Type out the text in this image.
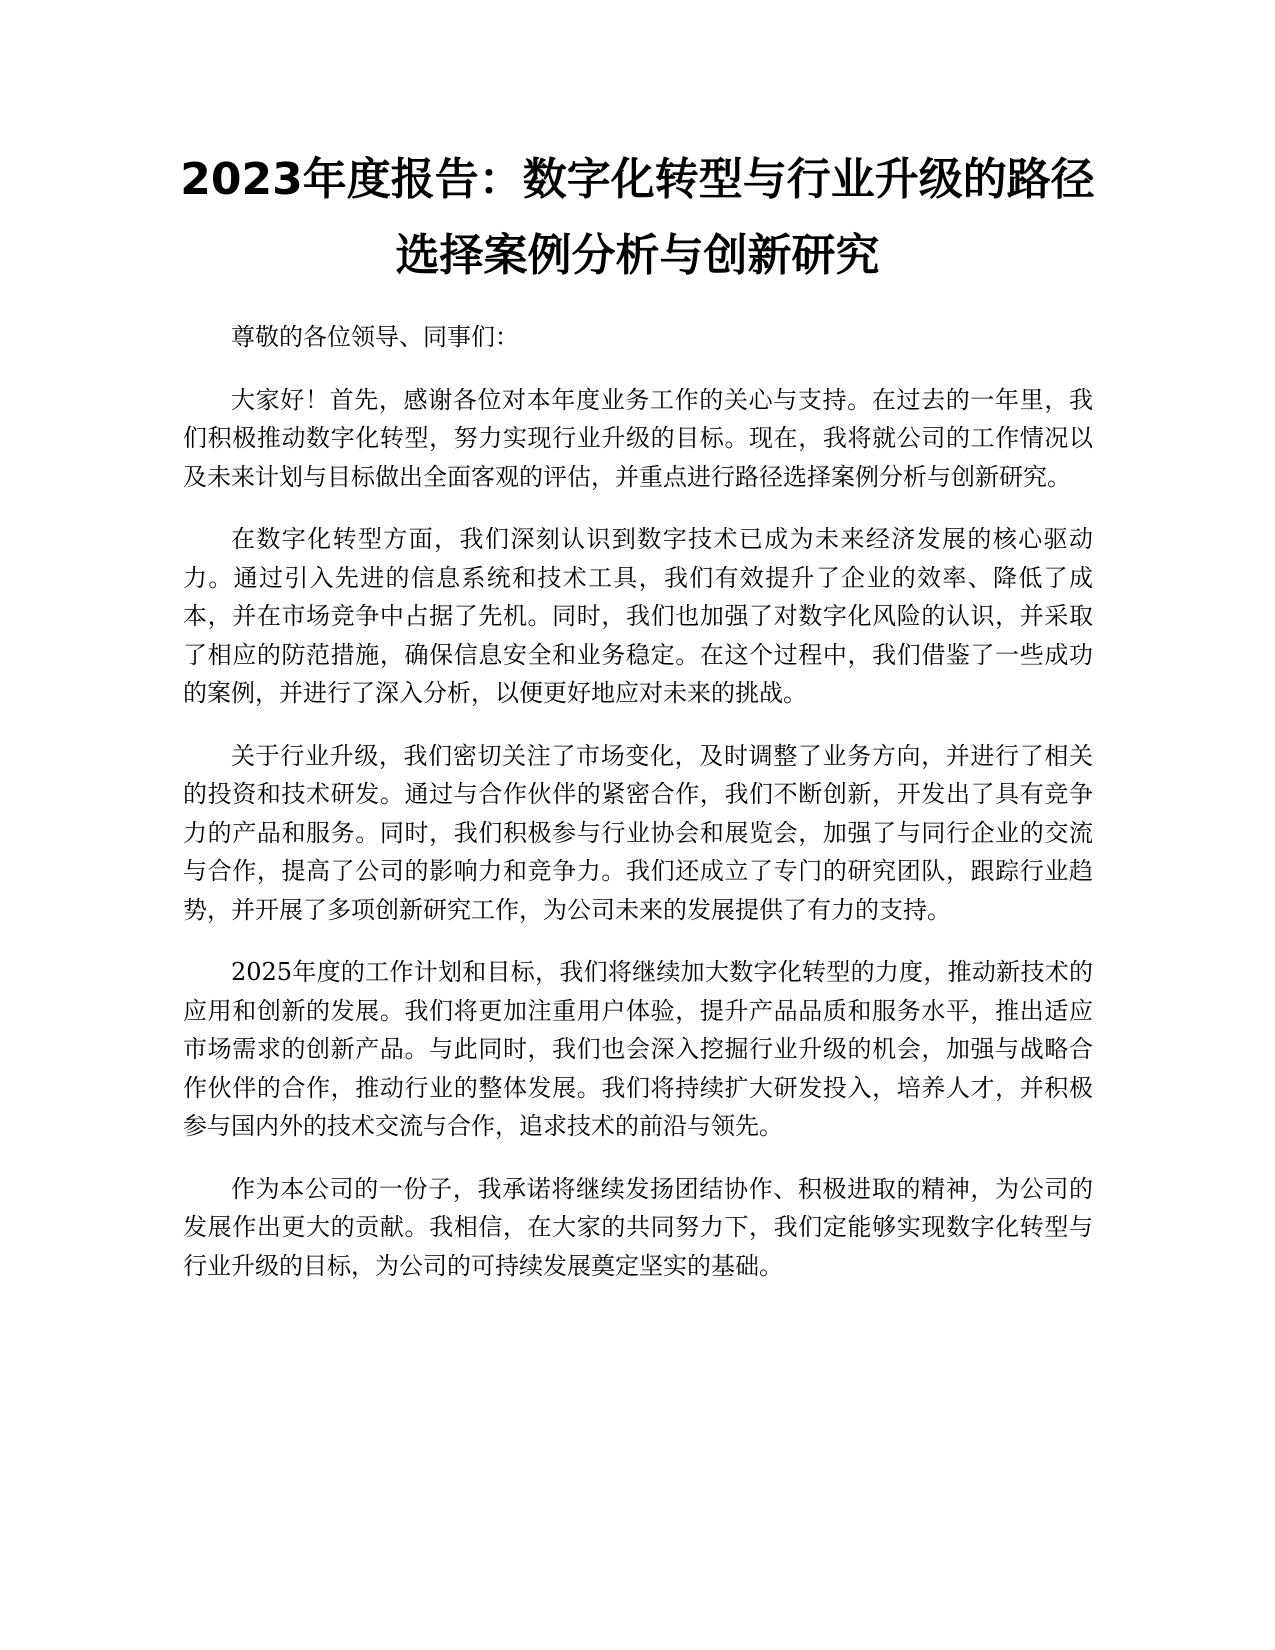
2023年度报告：数字化转型与行业升级的路径选择案例分析与创新研究

尊敬的各位领导、同事们：

大家好！首先，感谢各位对本年度业务工作的关心与支持。在过去的一年里，我们积极推动数字化转型，努力实现行业升级的目标。现在，我将就公司的工作情况以及未来计划与目标做出全面客观的评估，并重点进行路径选择案例分析与创新研究。

在数字化转型方面，我们深刻认识到数字技术已成为未来经济发展的核心驱动力。通过引入先进的信息系统和技术工具，我们有效提升了企业的效率、降低了成本，并在市场竞争中占据了先机。同时，我们也加强了对数字化风险的认识，并采取了相应的防范措施，确保信息安全和业务稳定。在这个过程中，我们借鉴了一些成功的案例，并进行了深入分析，以便更好地应对未来的挑战。

关于行业升级，我们密切关注了市场变化，及时调整了业务方向，并进行了相关的投资和技术研发。通过与合作伙伴的紧密合作，我们不断创新，开发出了具有竞争力的产品和服务。同时，我们积极参与行业协会和展览会，加强了与同行企业的交流与合作，提高了公司的影响力和竞争力。我们还成立了专门的研究团队，跟踪行业趋势，并开展了多项创新研究工作，为公司未来的发展提供了有力的支持。

2025年度的工作计划和目标，我们将继续加大数字化转型的力度，推动新技术的应用和创新的发展。我们将更加注重用户体验，提升产品品质和服务水平，推出适应市场需求的创新产品。与此同时，我们也会深入挖掘行业升级的机会，加强与战略合作伙伴的合作，推动行业的整体发展。我们将持续扩大研发投入，培养人才，并积极参与国内外的技术交流与合作，追求技术的前沿与领先。

作为本公司的一份子，我承诺将继续发扬团结协作、积极进取的精神，为公司的发展作出更大的贡献。我相信，在大家的共同努力下，我们定能够实现数字化转型与行业升级的目标，为公司的可持续发展奠定坚实的基础。
